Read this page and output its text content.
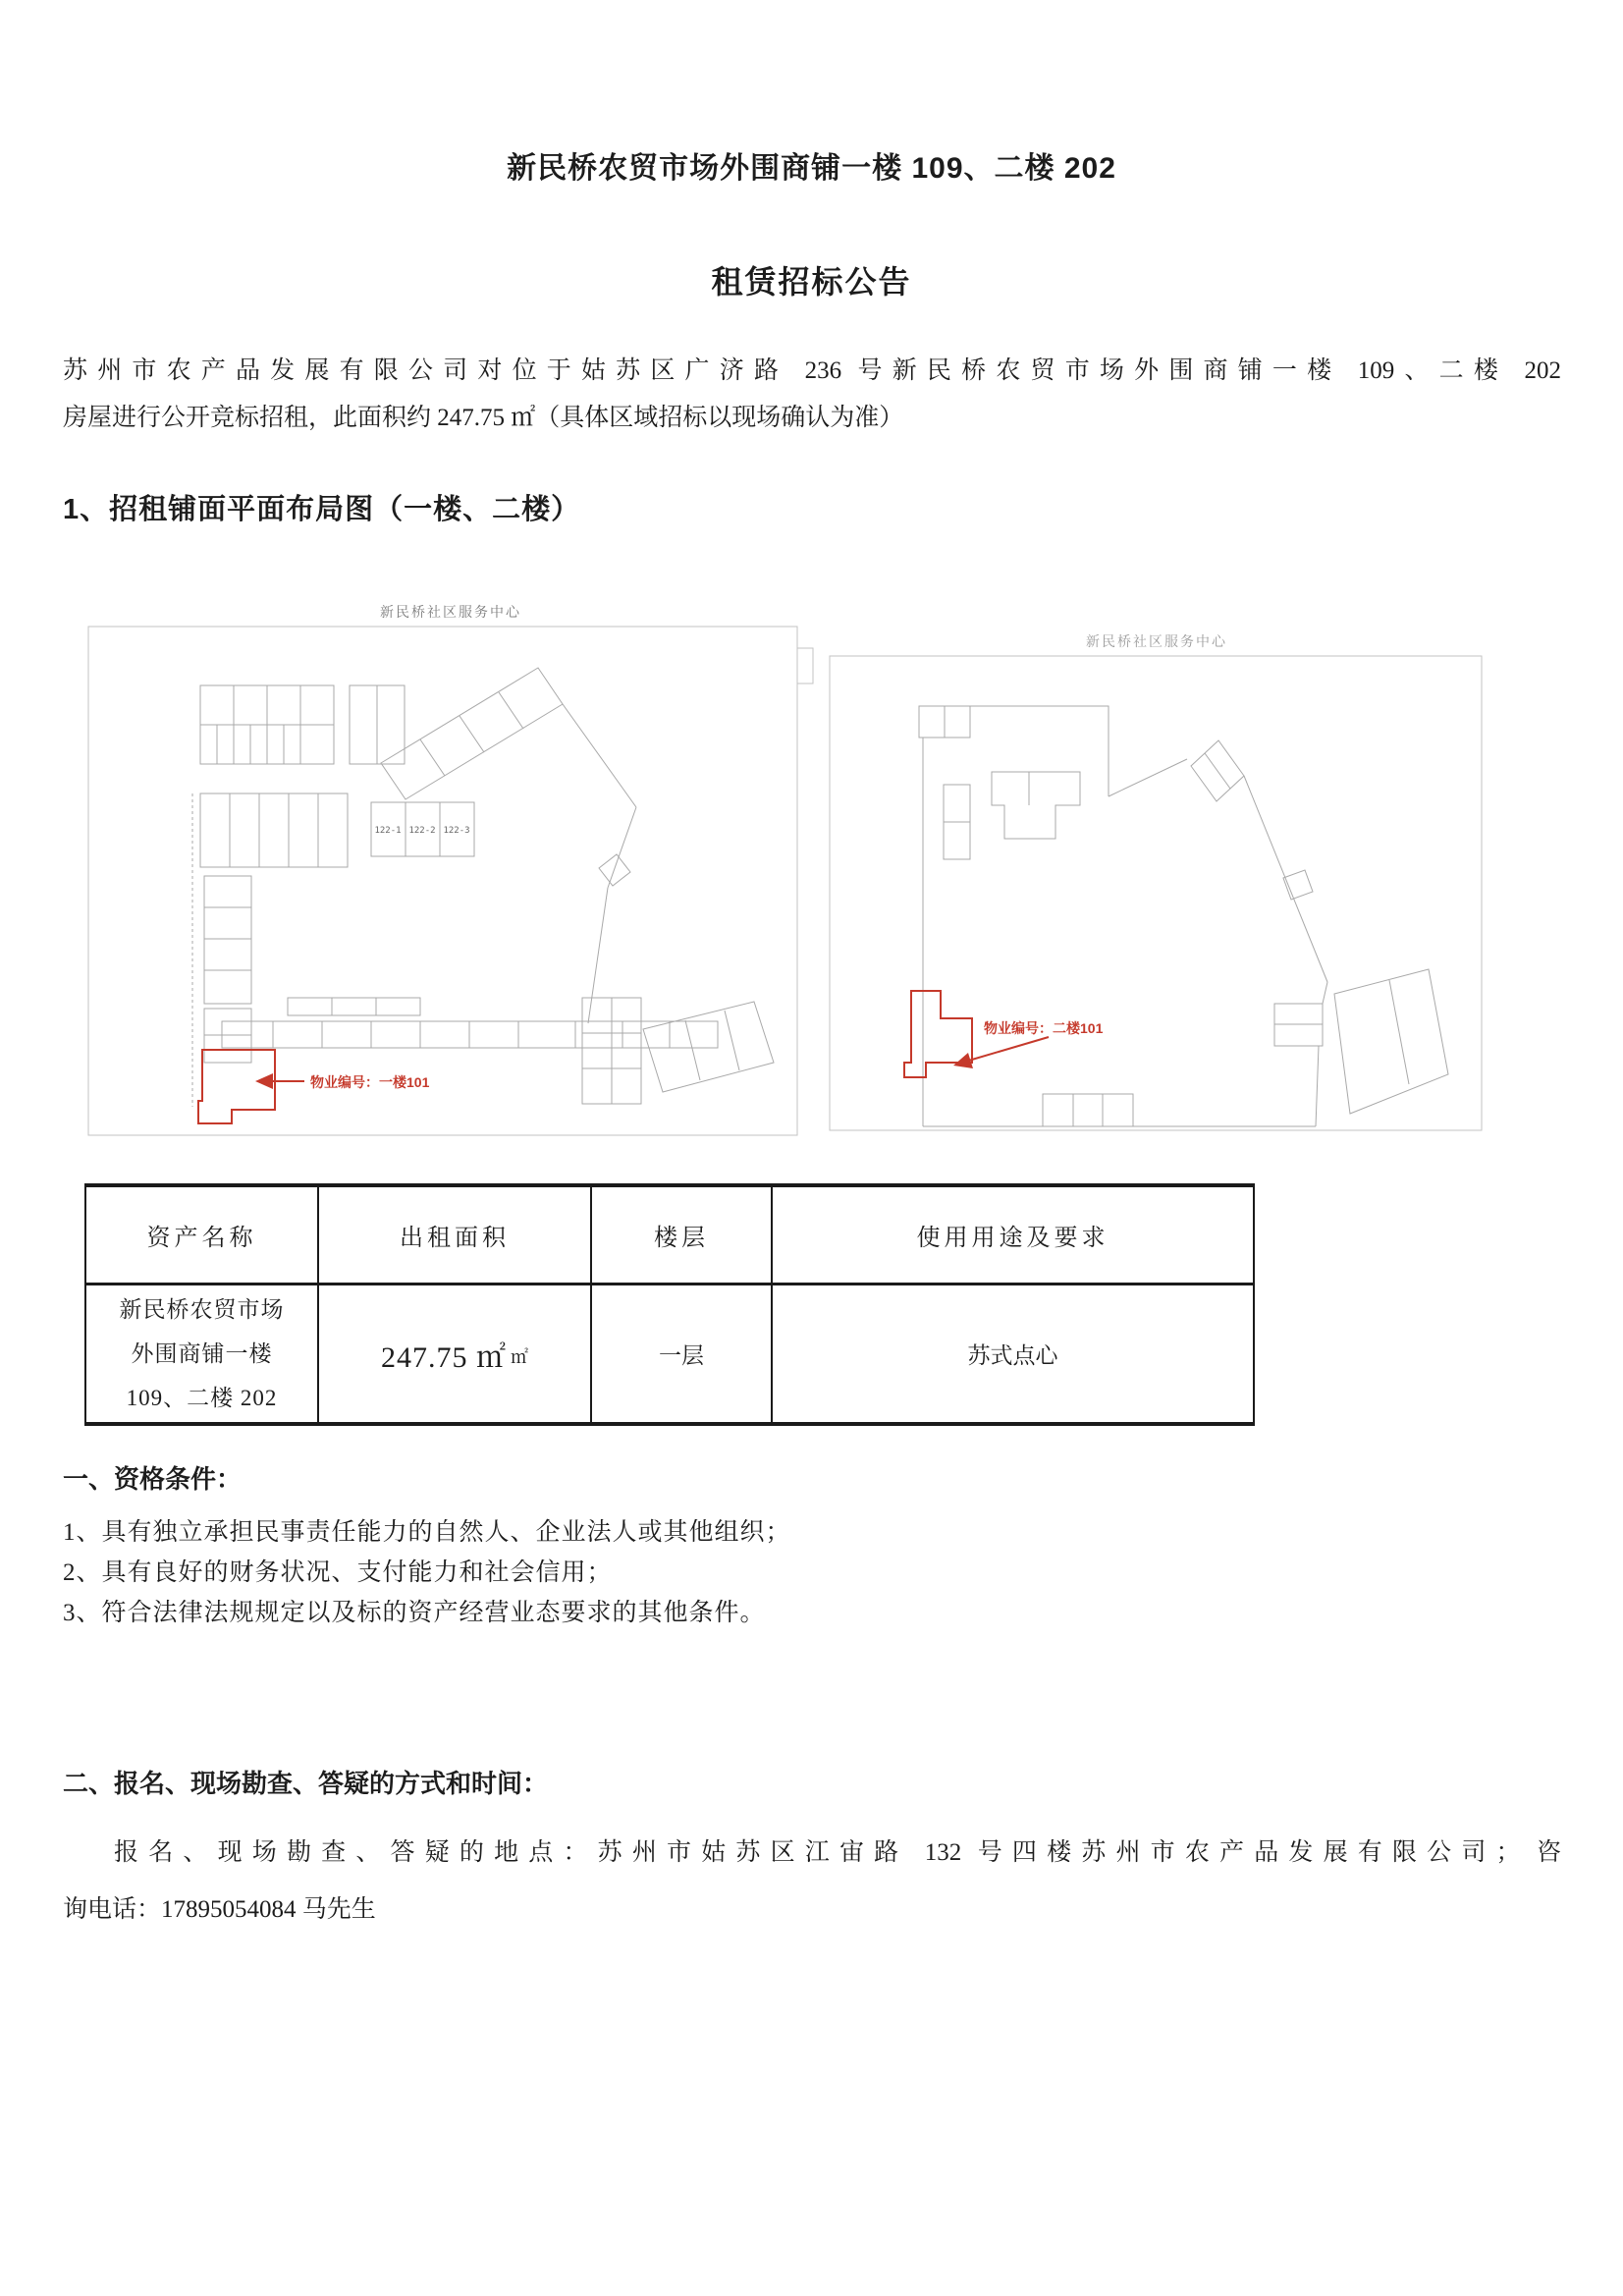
新民桥农贸市场外围商铺一楼 109、二楼 202
租赁招标公告
苏州市农产品发展有限公司对位于姑苏区广济路 236 号新民桥农贸市场外围商铺一楼 109、二楼 202
房屋进行公开竞标招租，此面积约 247.75 ㎡（具体区域招标以现场确认为准）
1、招租铺面平面布局图（一楼、二楼）
新民桥社区服务中心
122-1 122-2 122-3
物业编号：一楼101
新民桥社区服务中心
物业编号：二楼101
资产名称	出租面积	楼层	使用用途及要求

新民桥农贸市场
外围商铺一楼
109、二楼 202	247.75 ㎡ ㎡	一层	苏式点心
一、资格条件：
1、具有独立承担民事责任能力的自然人、企业法人或其他组织；
2、具有良好的财务状况、支付能力和社会信用；
3、符合法律法规规定以及标的资产经营业态要求的其他条件。
二、报名、现场勘查、答疑的方式和时间：
报名、现场勘查、答疑的地点：苏州市姑苏区江宙路 132 号四楼苏州市农产品发展有限公司； 咨
询电话：17895054084 马先生
